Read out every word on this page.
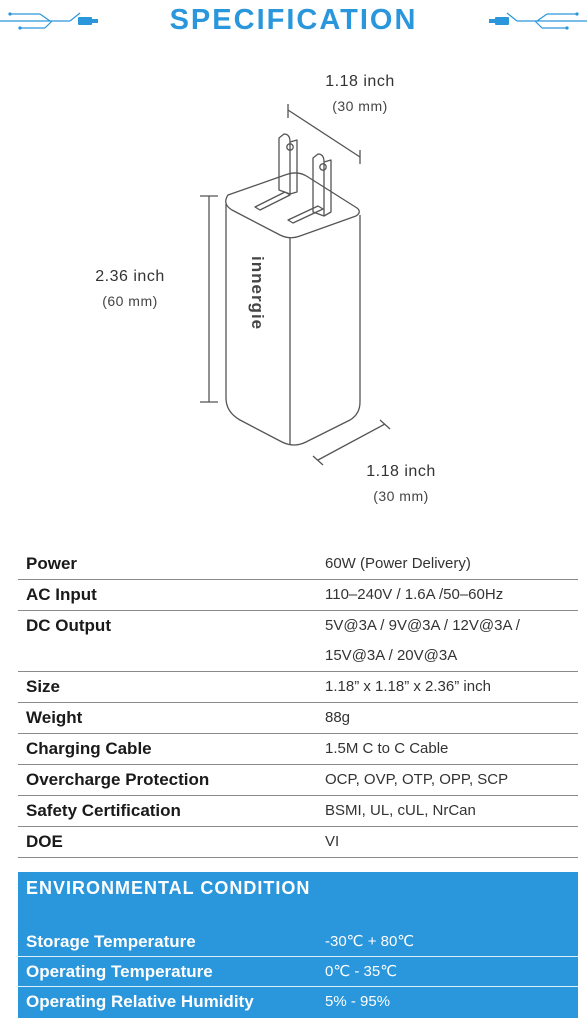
SPECIFICATION
innergie
1.18 inch
(30 mm)
2.36 inch
(60 mm)
1.18 inch
(30 mm)
Power	60W (Power Delivery)
AC Input	110–240V / 1.6A /50–60Hz
DC Output	5V@3A / 9V@3A / 12V@3A /
15V@3A / 20V@3A
Size	1.18” x 1.18” x 2.36” inch
Weight	88g
Charging Cable	1.5M C to C Cable
Overcharge Protection	OCP, OVP, OTP, OPP, SCP
Safety Certification	BSMI, UL, cUL, NrCan
DOE	VI
ENVIRONMENTAL CONDITION
Storage Temperature	-30℃ + 80℃
Operating Temperature	0℃ - 35℃
Operating Relative Humidity	5% - 95%
